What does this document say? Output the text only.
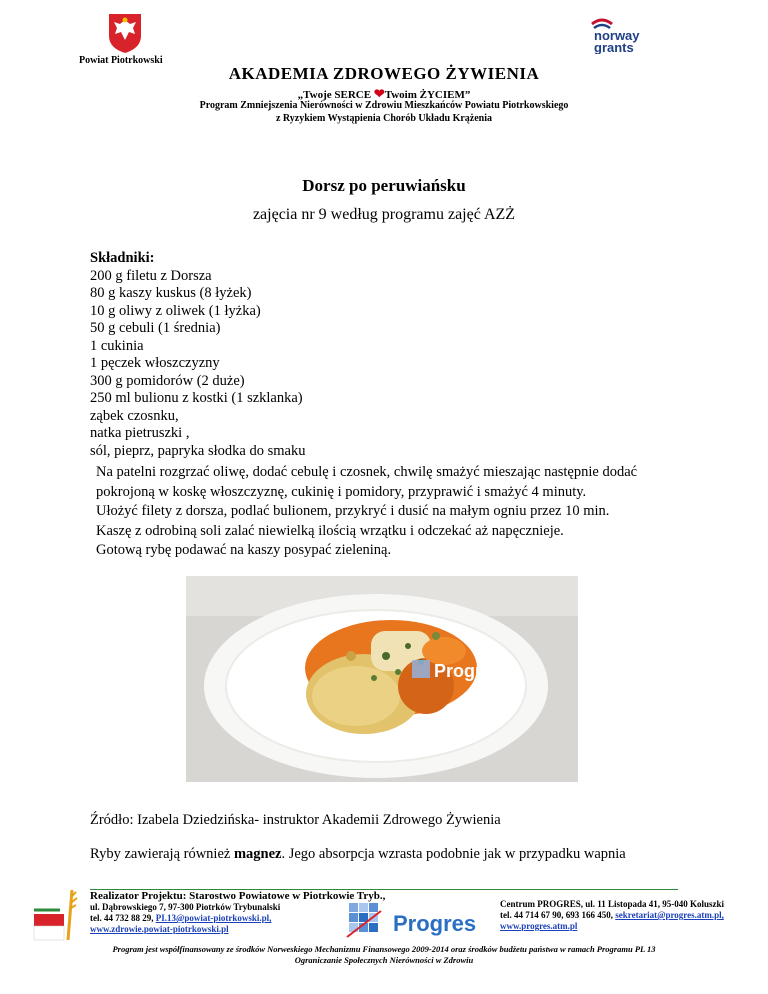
Powiat Piotrkowski
norway
grants
AKADEMIA ZDROWEGO ŻYWIENIA
„Twoje SERCE ❤Twoim ŻYCIEM”
Program Zmniejszenia Nierówności w Zdrowiu Mieszkańców Powiatu Piotrkowskiego
z Ryzykiem Wystąpienia Chorób Układu Krążenia
Dorsz po peruwiańsku
zajęcia nr 9 według programu zajęć AZŻ
Składniki:
200 g filetu z Dorsza
80 g kaszy kuskus (8 łyżek)
10 g oliwy z oliwek (1 łyżka)
50 g cebuli (1 średnia)
1 cukinia
1 pęczek włoszczyzny
300 g pomidorów (2 duże)
250 ml bulionu z kostki (1 szklanka)
ząbek czosnku,
natka pietruszki ,
sól, pieprz, papryka słodka do smaku
Na patelni rozgrzać oliwę, dodać cebulę i czosnek, chwilę smażyć mieszając następnie dodać
pokrojoną w koskę włoszczyznę, cukinię i pomidory, przyprawić i smażyć 4 minuty.
Ułożyć filety z dorsza, podlać bulionem, przykryć i dusić na małym ogniu przez 10 min.
Kaszę z odrobiną soli zalać niewielką ilością wrzątku i odczekać aż napęcznieje.
Gotową rybę podawać na kaszy posypać zieleniną.
Progres
Źródło: Izabela Dziedzińska- instruktor Akademii Zdrowego Żywienia
Ryby zawierają również magnez. Jego absorpcja wzrasta podobnie jak w przypadku wapnia
Realizator Projektu: Starostwo Powiatowe w Piotrkowie Tryb.,
ul. Dąbrowskiego 7, 97-300 Piotrków Trybunalski
tel. 44 732 88 29, PI.13@powiat-piotrkowski.pl,
www.zdrowie.powiat-piotrkowski.pl	Progres
Centrum PROGRES, ul. 11 Listopada 41, 95-040 Koluszki
tel. 44 714 67 90, 693 166 450, sekretariat@progres.atm.pl,
www.progres.atm.pl
Program jest współfinansowany ze środków Norweskiego Mechanizmu Finansowego 2009-2014 oraz środków budżetu państwa w ramach Programu PL 13
Ograniczanie Społecznych Nierówności w Zdrowiu
